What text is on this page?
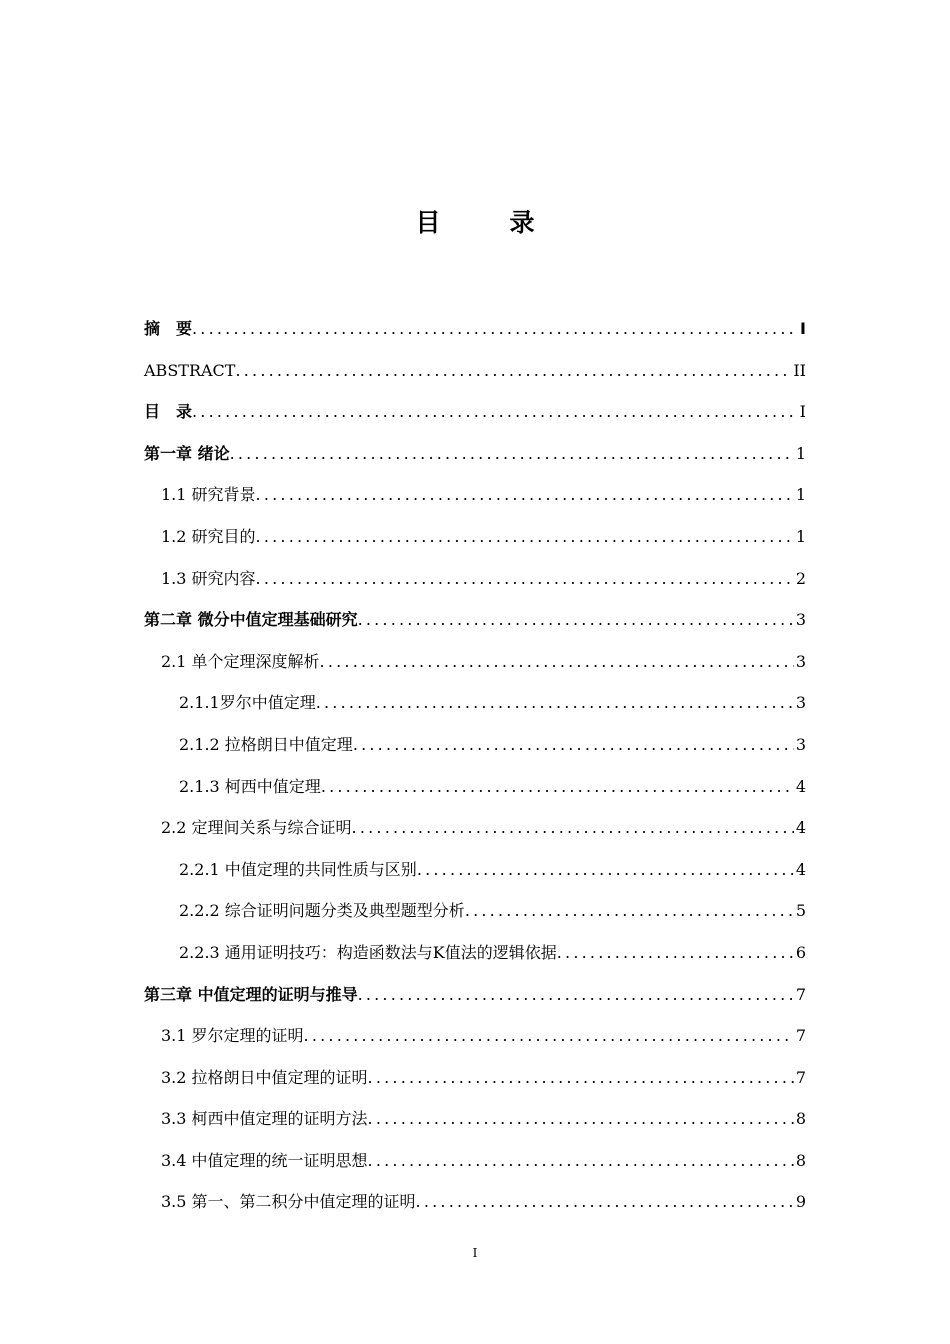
目　录
摘　要 .....	I
ABSTRACT .....	II
目　录 .....	I
第一章 绪论 .....	1
1.1 研究背景 .....	1
1.2 研究目的 .....	1
1.3 研究内容 .....	2
第二章 微分中值定理基础研究 .....	3
2.1 单个定理深度解析 .....	3
2.1.1罗尔中值定理 .....	3
2.1.2 拉格朗日中值定理 .....	3
2.1.3 柯西中值定理 .....	4
2.2 定理间关系与综合证明 .....	4
2.2.1 中值定理的共同性质与区别 .....	4
2.2.2 综合证明问题分类及典型题型分析 .....	5
2.2.3 通用证明技巧：构造函数法与K值法的逻辑依据 .....	6
第三章 中值定理的证明与推导 .....	7
3.1 罗尔定理的证明 .....	7
3.2 拉格朗日中值定理的证明 .....	7
3.3 柯西中值定理的证明方法 .....	8
3.4 中值定理的统一证明思想 .....	8
3.5 第一、第二积分中值定理的证明 .....	9
I
